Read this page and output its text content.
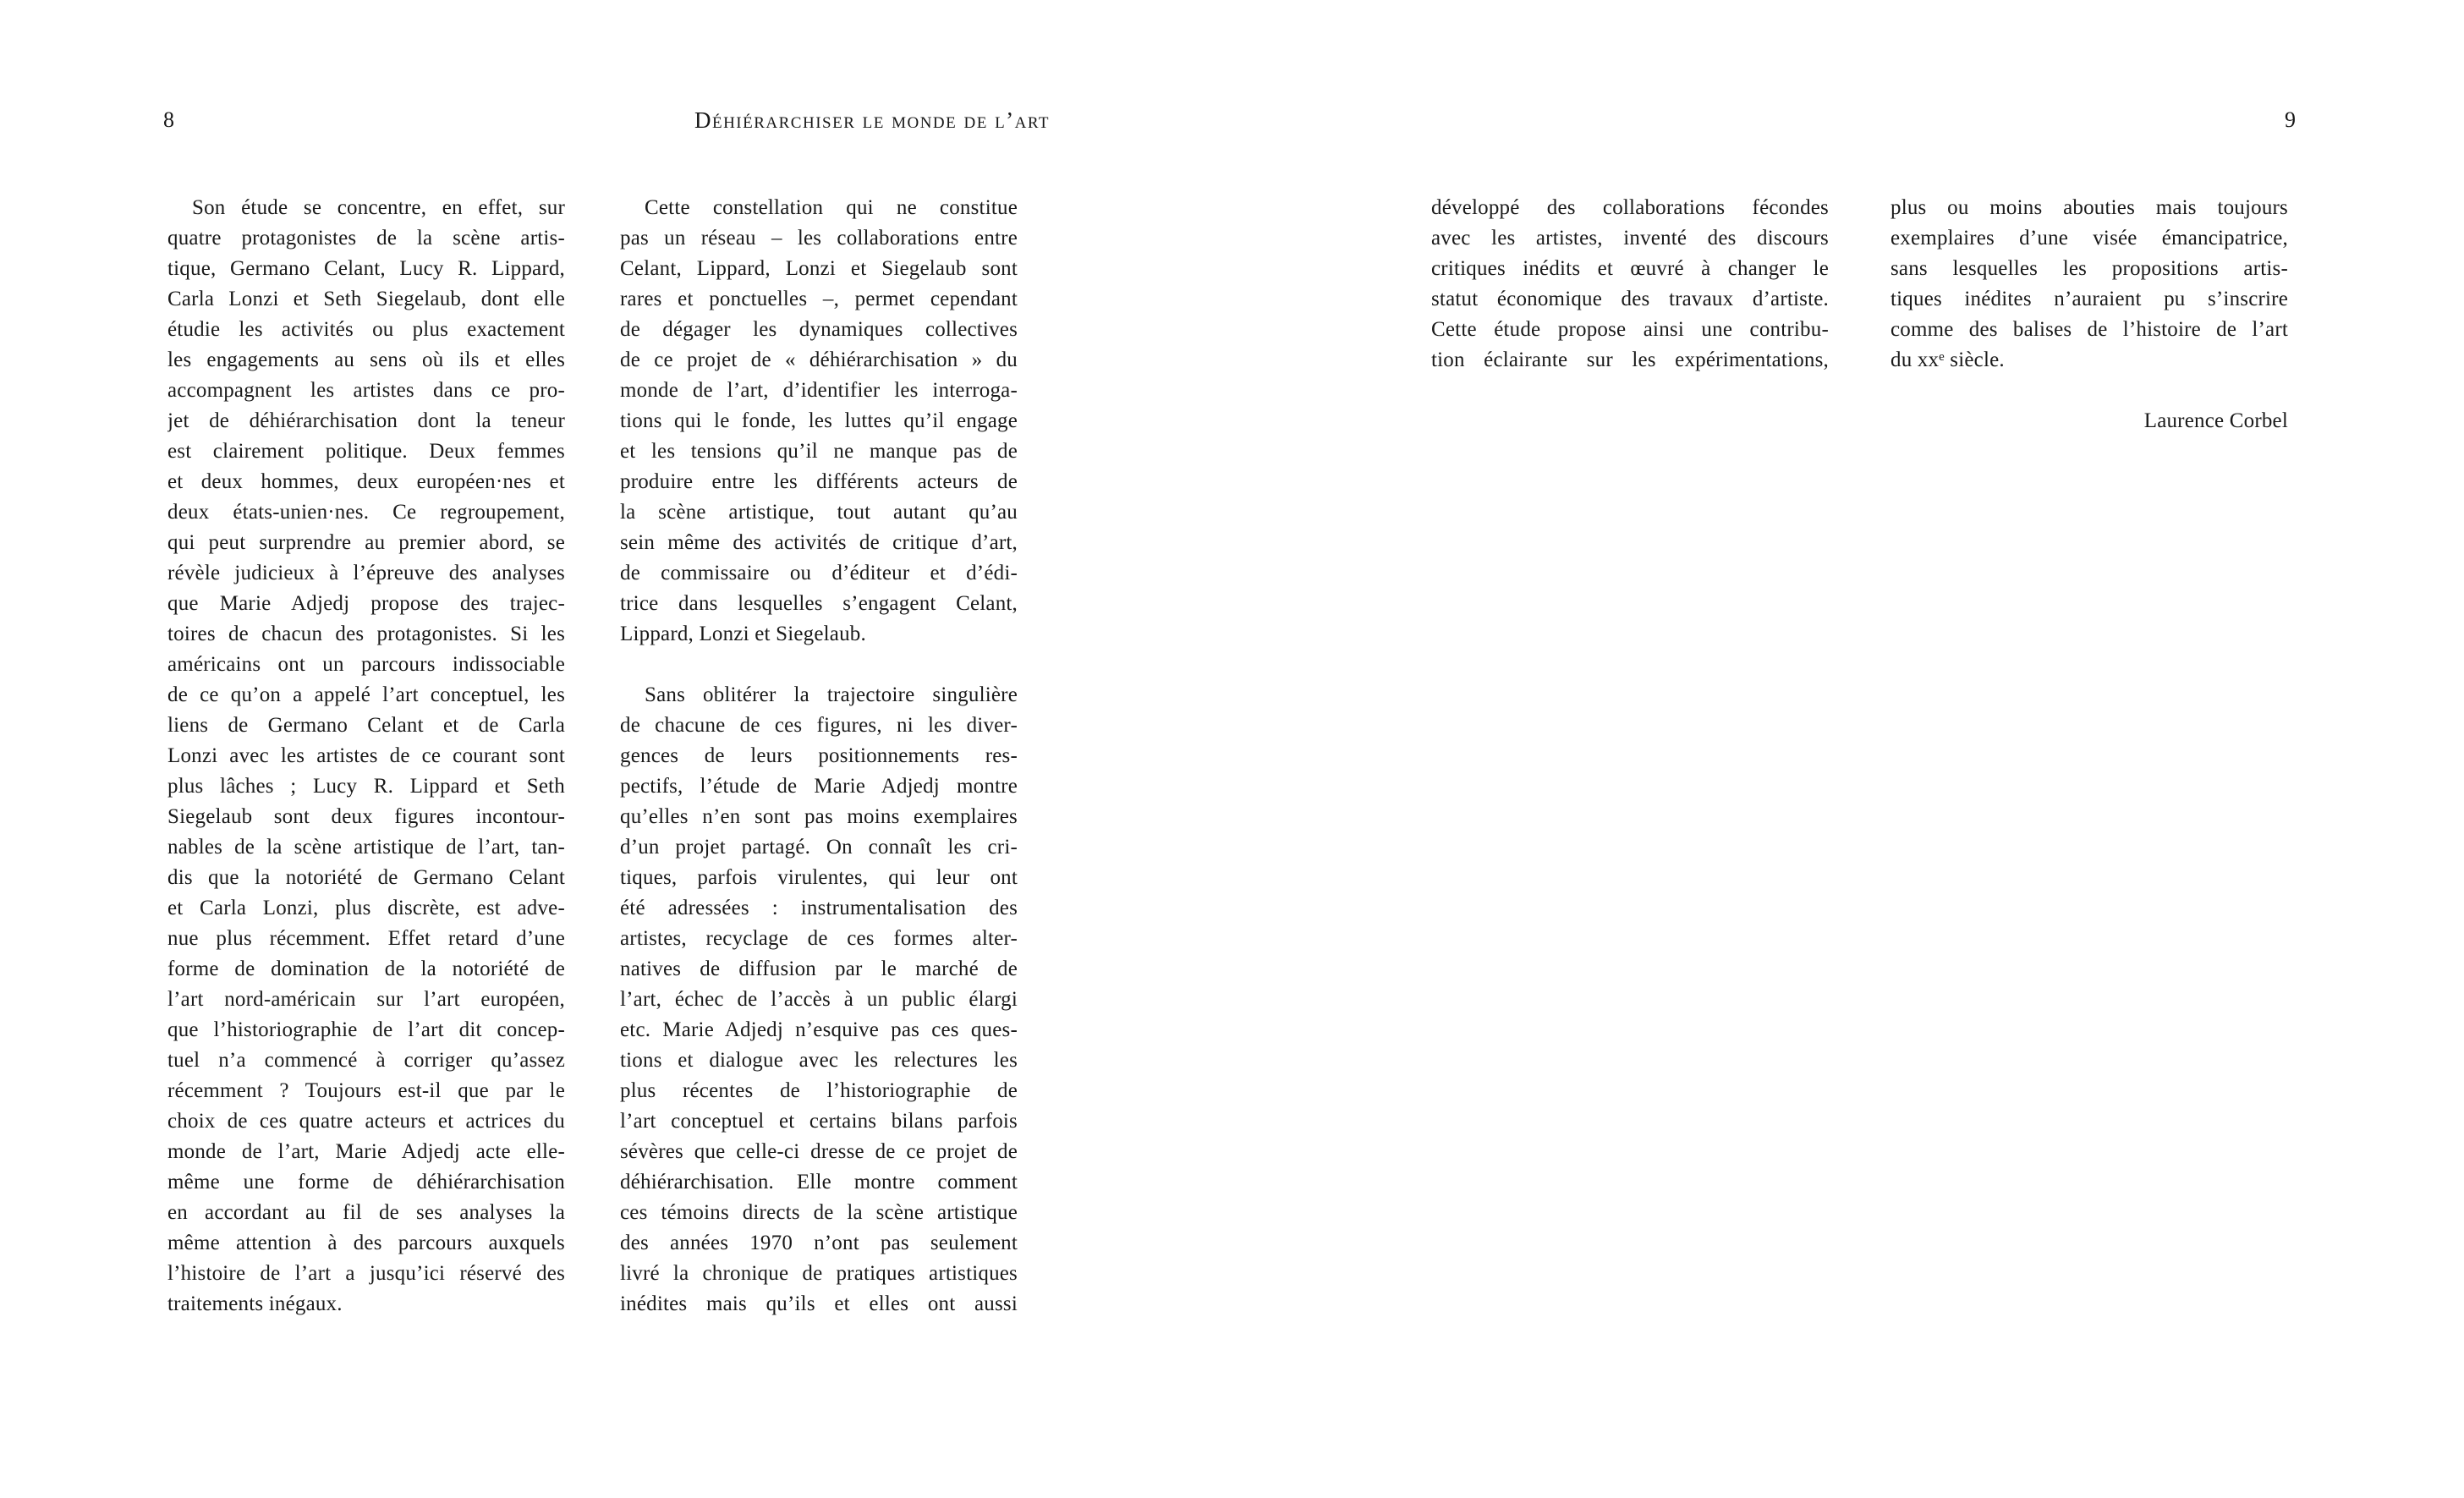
8	Déhiérarchiser le monde de l’art	9
Son étude se concentre, en effet, sur
quatre protagonistes de la scène artis-
tique, Germano Celant, Lucy R. Lippard,
Carla Lonzi et Seth Siegelaub, dont elle
étudie les activités ou plus exactement
les engagements au sens où ils et elles
accompagnent les artistes dans ce pro-
jet de déhiérarchisation dont la teneur
est clairement politique. Deux femmes
et deux hommes, deux européen·nes et
deux états-unien·nes. Ce regroupement,
qui peut surprendre au premier abord, se
révèle judicieux à l’épreuve des analyses
que Marie Adjedj propose des trajec-
toires de chacun des protagonistes. Si les
américains ont un parcours indissociable
de ce qu’on a appelé l’art conceptuel, les
liens de Germano Celant et de Carla
Lonzi avec les artistes de ce courant sont
plus lâches ; Lucy R. Lippard et Seth
Siegelaub sont deux figures incontour-
nables de la scène artistique de l’art, tan-
dis que la notoriété de Germano Celant
et Carla Lonzi, plus discrète, est adve-
nue plus récemment. Effet retard d’une
forme de domination de la notoriété de
l’art nord-américain sur l’art européen,
que l’historiographie de l’art dit concep-
tuel n’a commencé à corriger qu’assez
récemment ? Toujours est-il que par le
choix de ces quatre acteurs et actrices du
monde de l’art, Marie Adjedj acte elle-
même une forme de déhiérarchisation
en accordant au fil de ses analyses la
même attention à des parcours auxquels
l’histoire de l’art a jusqu’ici réservé des
traitements inégaux.
Cette constellation qui ne constitue
pas un réseau – les collaborations entre
Celant, Lippard, Lonzi et Siegelaub sont
rares et ponctuelles –, permet cependant
de dégager les dynamiques collectives
de ce projet de « déhiérarchisation » du
monde de l’art, d’identifier les interroga-
tions qui le fonde, les luttes qu’il engage
et les tensions qu’il ne manque pas de
produire entre les différents acteurs de
la scène artistique, tout autant qu’au
sein même des activités de critique d’art,
de commissaire ou d’éditeur et d’édi-
trice dans lesquelles s’engagent Celant,
Lippard, Lonzi et Siegelaub.
Sans oblitérer la trajectoire singulière
de chacune de ces figures, ni les diver-
gences de leurs positionnements res-
pectifs, l’étude de Marie Adjedj montre
qu’elles n’en sont pas moins exemplaires
d’un projet partagé. On connaît les cri-
tiques, parfois virulentes, qui leur ont
été adressées : instrumentalisation des
artistes, recyclage de ces formes alter-
natives de diffusion par le marché de
l’art, échec de l’accès à un public élargi
etc. Marie Adjedj n’esquive pas ces ques-
tions et dialogue avec les relectures les
plus récentes de l’historiographie de
l’art conceptuel et certains bilans parfois
sévères que celle-ci dresse de ce projet de
déhiérarchisation. Elle montre comment
ces témoins directs de la scène artistique
des années 1970 n’ont pas seulement
livré la chronique de pratiques artistiques
inédites mais qu’ils et elles ont aussi
développé des collaborations fécondes
avec les artistes, inventé des discours
critiques inédits et œuvré à changer le
statut économique des travaux d’artiste.
Cette étude propose ainsi une contribu-
tion éclairante sur les expérimentations,
plus ou moins abouties mais toujours
exemplaires d’une visée émancipatrice,
sans lesquelles les propositions artis-
tiques inédites n’auraient pu s’inscrire
comme des balises de l’histoire de l’art
du xxᵉ siècle.
Laurence Corbel
